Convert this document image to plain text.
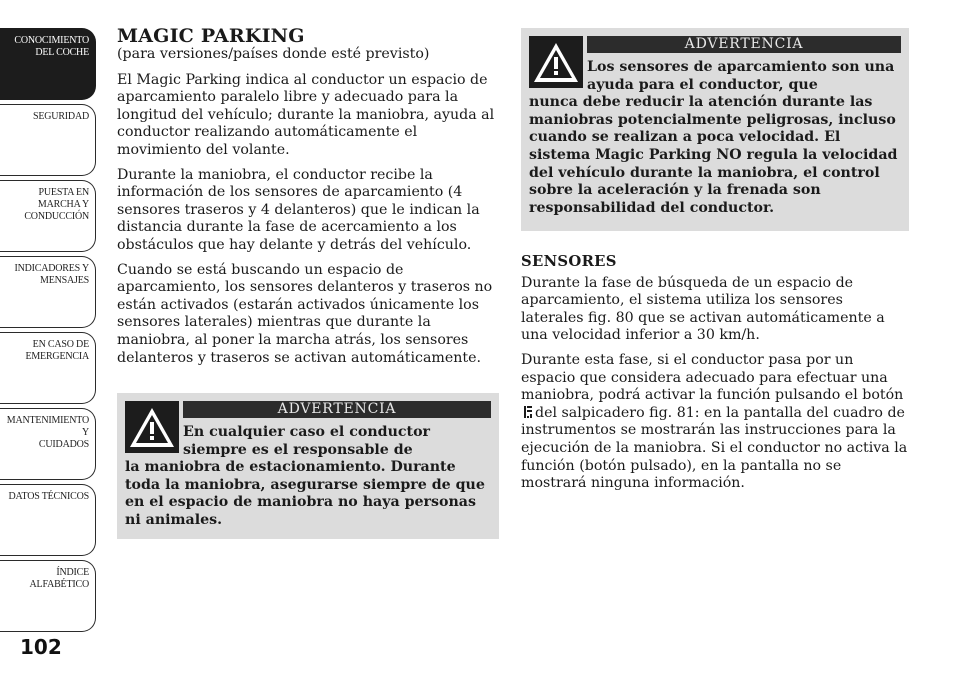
CONOCIMIENTO
DEL COCHE
SEGURIDAD
PUESTA EN
MARCHA Y
CONDUCCIÓN
INDICADORES Y
MENSAJES
EN CASO DE
EMERGENCIA
MANTENIMIENTO Y
CUIDADOS
DATOS TÉCNICOS
ÍNDICE
ALFABÉTICO
102
MAGIC PARKING
(para versiones/países donde esté previsto)

El Magic Parking indica al conductor un espacio de aparcamiento paralelo libre y adecuado para la longitud del vehículo; durante la maniobra, ayuda al conductor realizando automáticamente el movimiento del volante.

Durante la maniobra, el conductor recibe la información de los sensores de aparcamiento (4 sensores traseros y 4 delanteros) que le indican la distancia durante la fase de acercamiento a los obstáculos que hay delante y detrás del vehículo.

Cuando se está buscando un espacio de aparcamiento, los sensores delanteros y traseros no están activados (estarán activados únicamente los sensores laterales) mientras que durante la maniobra, al poner la marcha atrás, los sensores delanteros y traseros se activan automáticamente.

ADVERTENCIA
En cualquier caso el conductor siempre es el responsable de
la maniobra de estacionamiento. Durante toda la maniobra, asegurarse siempre de que en el espacio de maniobra no haya personas ni animales.
ADVERTENCIA
Los sensores de aparcamiento son una ayuda para el conductor, que
nunca debe reducir la atención durante las maniobras potencialmente peligrosas, incluso cuando se realizan a poca velocidad. El sistema Magic Parking NO regula la velocidad del vehículo durante la maniobra, el control sobre la aceleración y la frenada son responsabilidad del conductor.
SENSORES

Durante la fase de búsqueda de un espacio de aparcamiento, el sistema utiliza los sensores laterales fig. 80 que se activan automáticamente a una velocidad inferior a 30 km/h.

Durante esta fase, si el conductor pasa por un espacio que considera adecuado para efectuar una maniobra, podrá activar la función pulsando el botóndel salpicadero fig. 81: en la pantalla del cuadro de instrumentos se mostrarán las instrucciones para la ejecución de la maniobra. Si el conductor no activa la función (botón pulsado), en la pantalla no se mostrará ninguna información.
